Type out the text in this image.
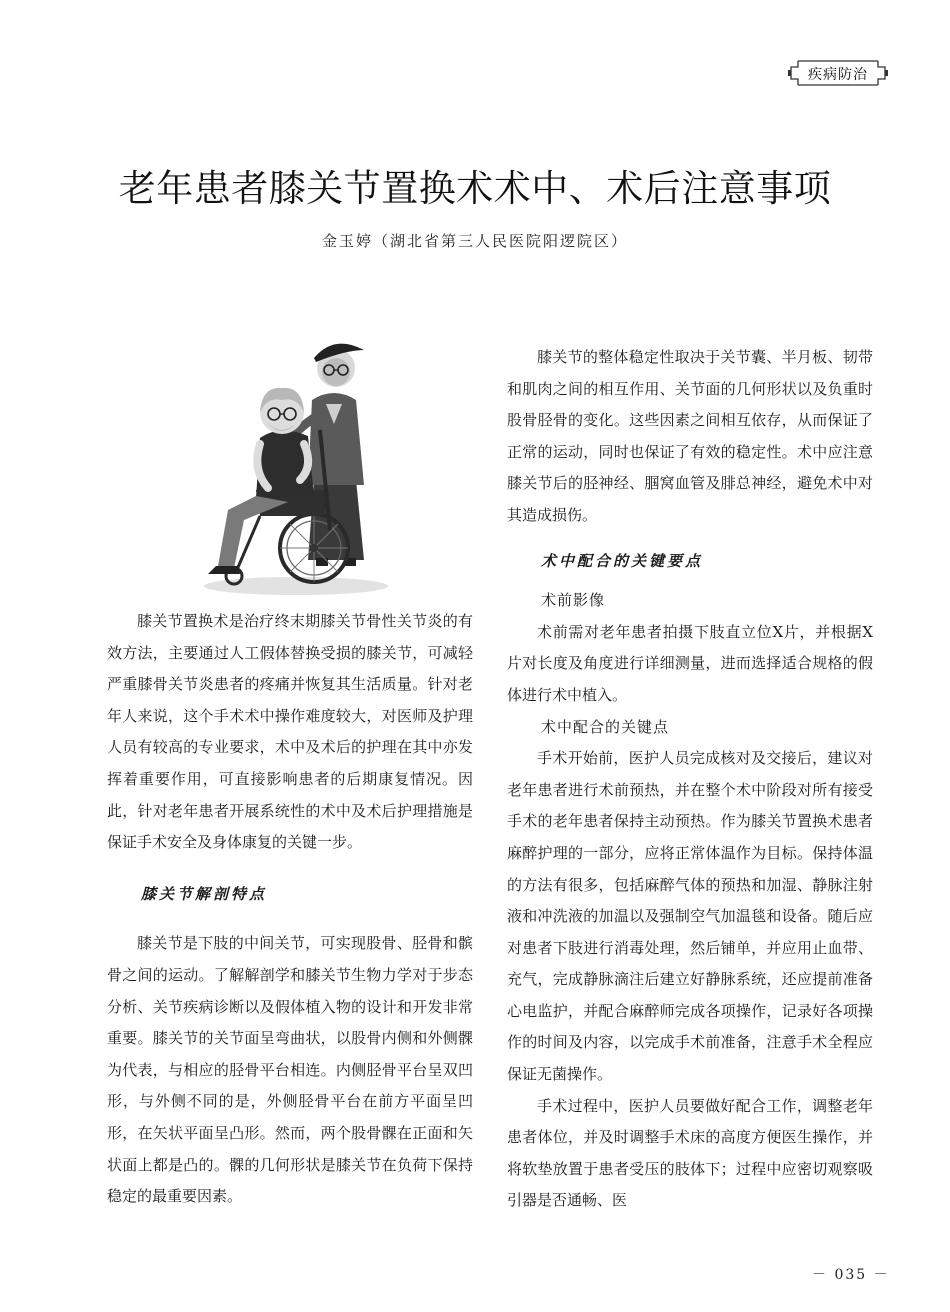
疾病防治
老年患者膝关节置换术术中、术后注意事项
金玉婷（湖北省第三人民医院阳逻院区）

膝关节置换术是治疗终末期膝关节骨性关节炎的有效方法，主要通过人工假体替换受损的膝关节，可减轻严重膝骨关节炎患者的疼痛并恢复其生活质量。针对老年人来说，这个手术术中操作难度较大，对医师及护理人员有较高的专业要求，术中及术后的护理在其中亦发挥着重要作用，可直接影响患者的后期康复情况。因此，针对老年患者开展系统性的术中及术后护理措施是保证手术安全及身体康复的关键一步。

膝关节解剖特点

膝关节是下肢的中间关节，可实现股骨、胫骨和髌骨之间的运动。了解解剖学和膝关节生物力学对于步态分析、关节疾病诊断以及假体植入物的设计和开发非常重要。膝关节的关节面呈弯曲状，以股骨内侧和外侧髁为代表，与相应的胫骨平台相连。内侧胫骨平台呈双凹形，与外侧不同的是，外侧胫骨平台在前方平面呈凹形，在矢状平面呈凸形。然而，两个股骨髁在正面和矢状面上都是凸的。髁的几何形状是膝关节在负荷下保持稳定的最重要因素。

膝关节的整体稳定性取决于关节囊、半月板、韧带和肌肉之间的相互作用、关节面的几何形状以及负重时股骨胫骨的变化。这些因素之间相互依存，从而保证了正常的运动，同时也保证了有效的稳定性。术中应注意膝关节后的胫神经、腘窝血管及腓总神经，避免术中对其造成损伤。

术中配合的关键要点
术前影像

术前需对老年患者拍摄下肢直立位X片，并根据X片对长度及角度进行详细测量，进而选择适合规格的假体进行术中植入。

术中配合的关键点

手术开始前，医护人员完成核对及交接后，建议对老年患者进行术前预热，并在整个术中阶段对所有接受手术的老年患者保持主动预热。作为膝关节置换术患者麻醉护理的一部分，应将正常体温作为目标。保持体温的方法有很多，包括麻醉气体的预热和加湿、静脉注射液和冲洗液的加温以及强制空气加温毯和设备。随后应对患者下肢进行消毒处理，然后铺单，并应用止血带、充气，完成静脉滴注后建立好静脉系统，还应提前准备心电监护，并配合麻醉师完成各项操作，记录好各项操作的时间及内容，以完成手术前准备，注意手术全程应保证无菌操作。

手术过程中，医护人员要做好配合工作，调整老年患者体位，并及时调整手术床的高度方便医生操作，并将软垫放置于患者受压的肢体下；过程中应密切观察吸引器是否通畅、医

－ 035 －
